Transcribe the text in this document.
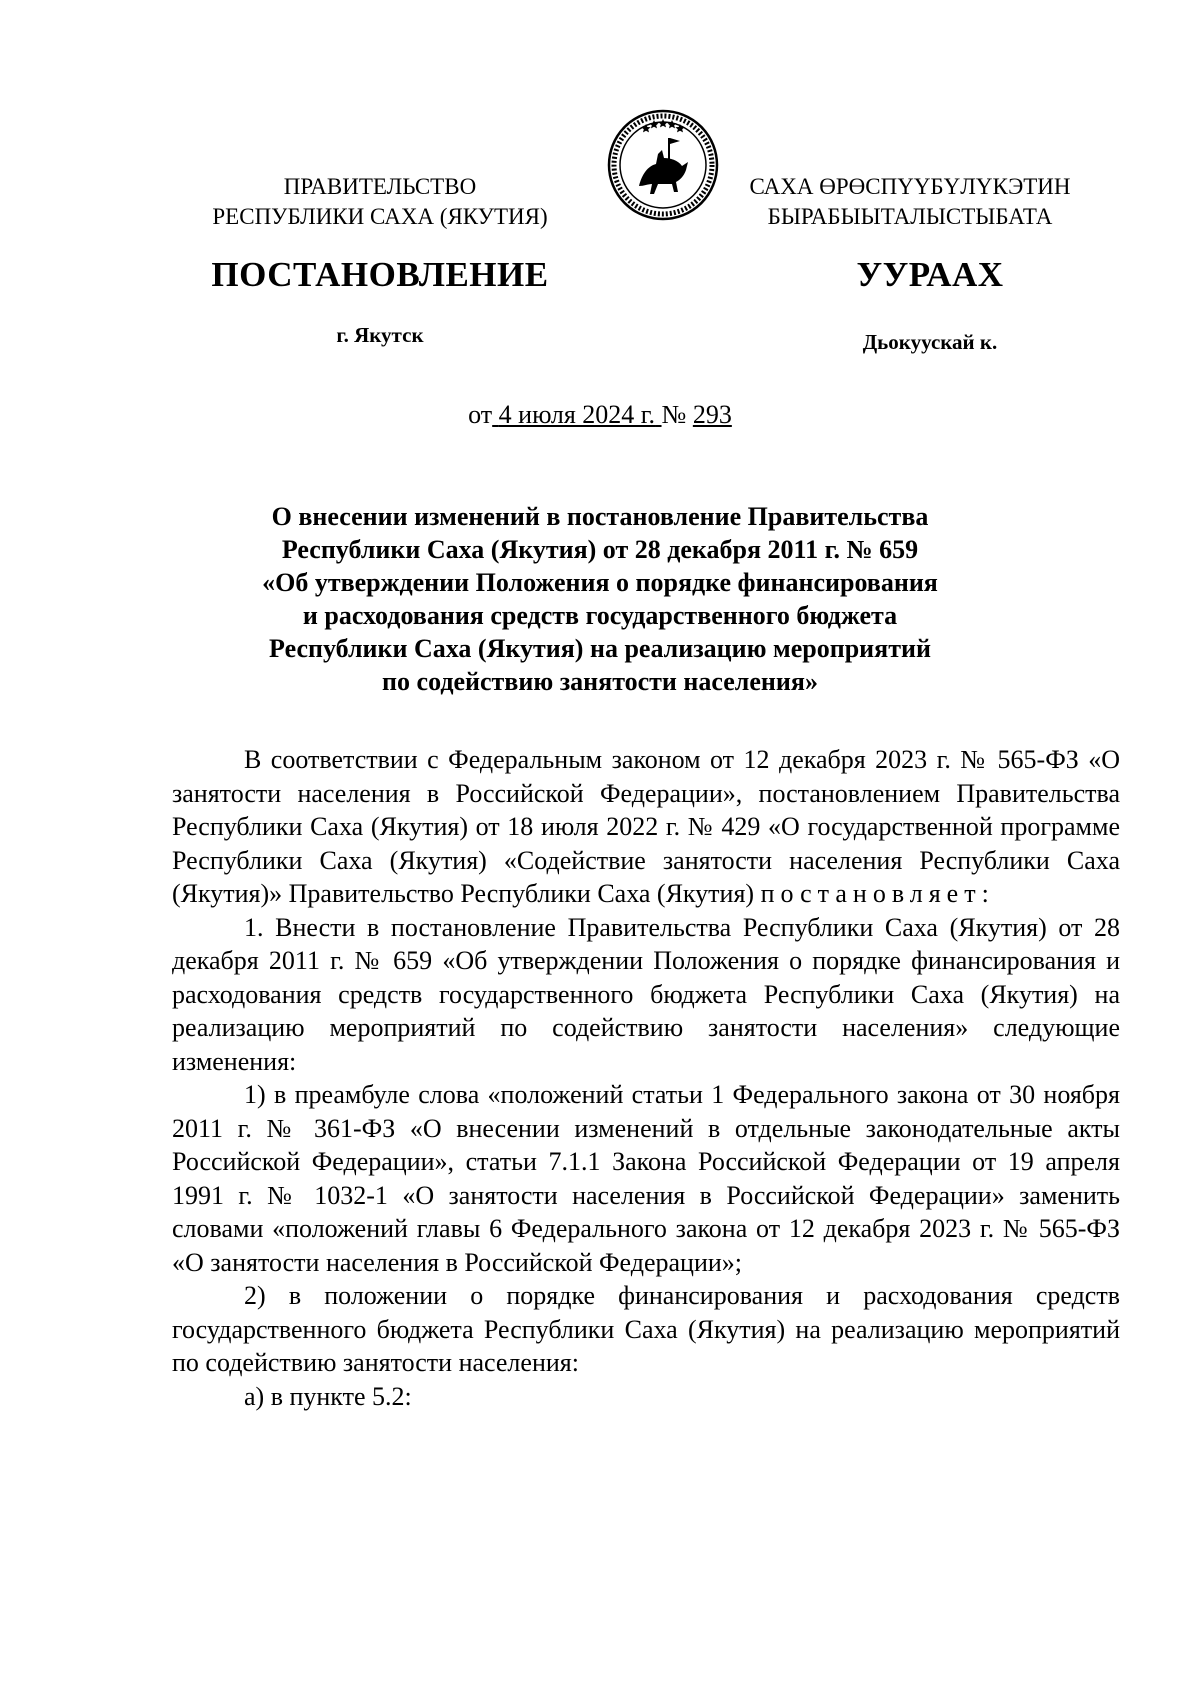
ПРАВИТЕЛЬСТВО
РЕСПУБЛИКИ САХА (ЯКУТИЯ)
САХА ӨРӨСПҮҮБҮЛҮКЭТИН
БЫРАБЫЫТАЛЫСТЫБАТА
ПОСТАНОВЛЕНИЕ	УУРААХ
г. Якутск	Дьокуускай к.
от 4 июля 2024 г. № 293
О внесении изменений в постановление Правительства
Республики Саха (Якутия) от 28 декабря 2011 г. № 659
«Об утверждении Положения о порядке финансирования
и расходования средств государственного бюджета
Республики Саха (Якутия) на реализацию мероприятий
по содействию занятости населения»

В соответствии с Федеральным законом от 12 декабря 2023 г. № 565-ФЗ «О занятости населения в Российской Федерации», постановлением Правительства Республики Саха (Якутия) от 18 июля 2022 г. № 429 «О государственной программе Республики Саха (Якутия) «Содействие занятости населения Республики Саха (Якутия)» Правительство Республики Саха (Якутия) постановляет:

1. Внести в постановление Правительства Республики Саха (Якутия) от 28 декабря 2011 г. № 659 «Об утверждении Положения о порядке финансирования и расходования средств государственного бюджета Республики Саха (Якутия) на реализацию мероприятий по содействию занятости населения» следующие изменения:

1) в преамбуле слова «положений статьи 1 Федерального закона от 30 ноября 2011 г. № 361-ФЗ «О внесении изменений в отдельные законодательные акты Российской Федерации», статьи 7.1.1 Закона Российской Федерации от 19 апреля 1991 г. № 1032-1 «О занятости населения в Российской Федерации» заменить словами «положений главы 6 Федерального закона от 12 декабря 2023 г. № 565-ФЗ «О занятости населения в Российской Федерации»;

2) в положении о порядке финансирования и расходования средств государственного бюджета Республики Саха (Якутия) на реализацию мероприятий по содействию занятости населения:

а) в пункте 5.2:
